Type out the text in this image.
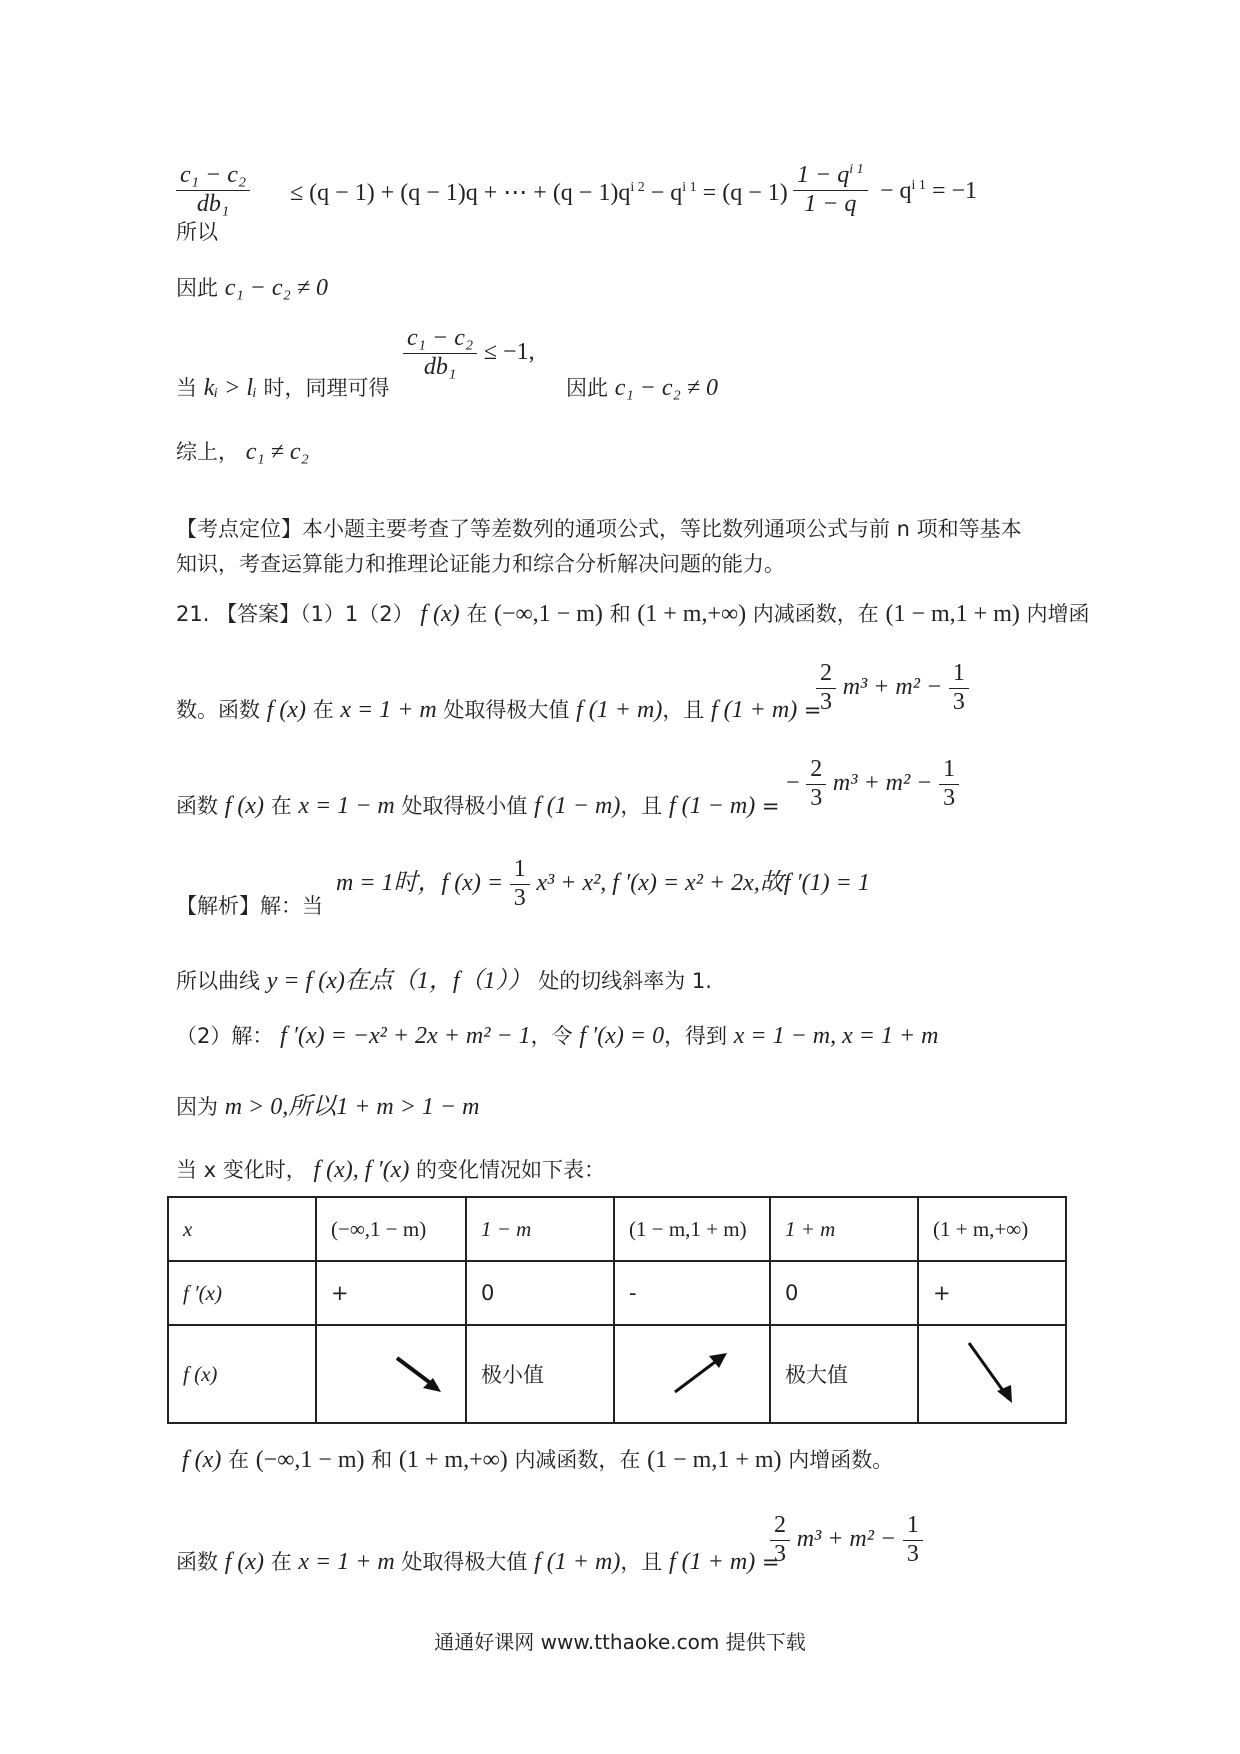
$\frac{\text{c₁ − c₂}}{\text{db₁}}$
所以
≤ (q − 1) + (q − 1)q + ⋯ + $(q - 1)q^{i 2} - q^{i 1} = (q - 1) \frac{1 - q^{i 1}}{1 - q} - q^{i 1} = -1$
因此 c₁ − c₂ ≠ 0
当 kᵢ > lᵢ 时，同理可得
$\frac{\text{c₁ − c₂}}{\text{db₁}} \le -1$,
因此 c₁ − c₂ ≠ 0
综上， c₁ ≠ c₂
【考点定位】本小题主要考查了等差数列的通项公式，等比数列通项公式与前 n 项和等基本
知识，考查运算能力和推理论证能力和综合分析解决问题的能力。
21. 【答案】（1）1（2） f (x) 在 (−∞,1 − m) 和 (1 + m,+∞) 内减函数，在 (1 − m,1 + m) 内增函
数。函数 f (x) 在 x = 1 + m 处取得极大值 f (1 + m)，且 f (1 + m) =
$\frac{2}{3} m^3 + m^2 - \frac{1}{3}$
函数 f (x) 在 x = 1 − m 处取得极小值 f (1 − m)，且 f (1 − m) =
− $\frac{2}{3} m^3 + m^2 - \frac{1}{3}$
【解析】解：当
m = 1时，f $(x) = \frac{1}{3} x^3 + x^2$, f ′(x) = x² + 2x,故f ′(1) = 1
所以曲线 y = f (x)在点（1，f（1）） 处的切线斜率为 1.
（2）解： f ′(x) = −x² + 2x + m² − 1，令 f ′(x) = 0，得到 x = 1 − m, x = 1 + m
因为 m > 0,所以1 + m > 1 − m
当 x 变化时， f (x), f ′(x) 的变化情况如下表：
x	(−∞,1 − m)	1 − m	(1 − m,1 + m)	1 + m	(1 + m,+∞)
f ′(x)	+	0	-	0	+
f (x)		极小值		极大值	
f (x) 在 (−∞,1 − m) 和 (1 + m,+∞) 内减函数，在 (1 − m,1 + m) 内增函数。
函数 f (x) 在 x = 1 + m 处取得极大值 f (1 + m)，且 f (1 + m) =
$\frac{2}{3} m^3 + m^2 - \frac{1}{3}$
通通好课网 www.tthaoke.com 提供下载
